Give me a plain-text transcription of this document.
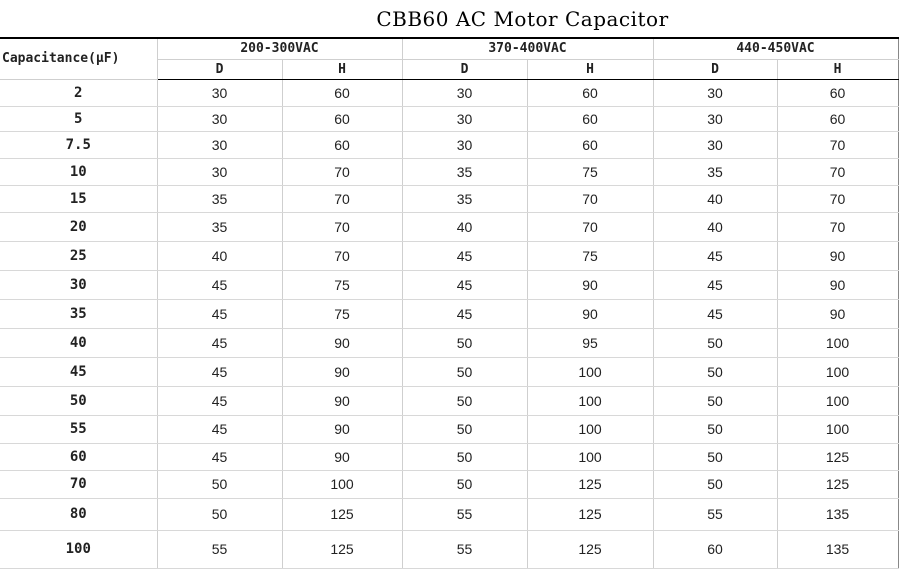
CBB60 AC Motor Capacitor
Capacitance(μF)	200-300VAC		370-400VAC		440-450VAC	
	D	H	D	H	D	H
2	30	60	30	60	30	60
5	30	60	30	60	30	60
7.5	30	60	30	60	30	70
10	30	70	35	75	35	70
15	35	70	35	70	40	70
20	35	70	40	70	40	70
25	40	70	45	75	45	90
30	45	75	45	90	45	90
35	45	75	45	90	45	90
40	45	90	50	95	50	100
45	45	90	50	100	50	100
50	45	90	50	100	50	100
55	45	90	50	100	50	100
60	45	90	50	100	50	125
70	50	100	50	125	50	125
80	50	125	55	125	55	135
100	55	125	55	125	60	135
